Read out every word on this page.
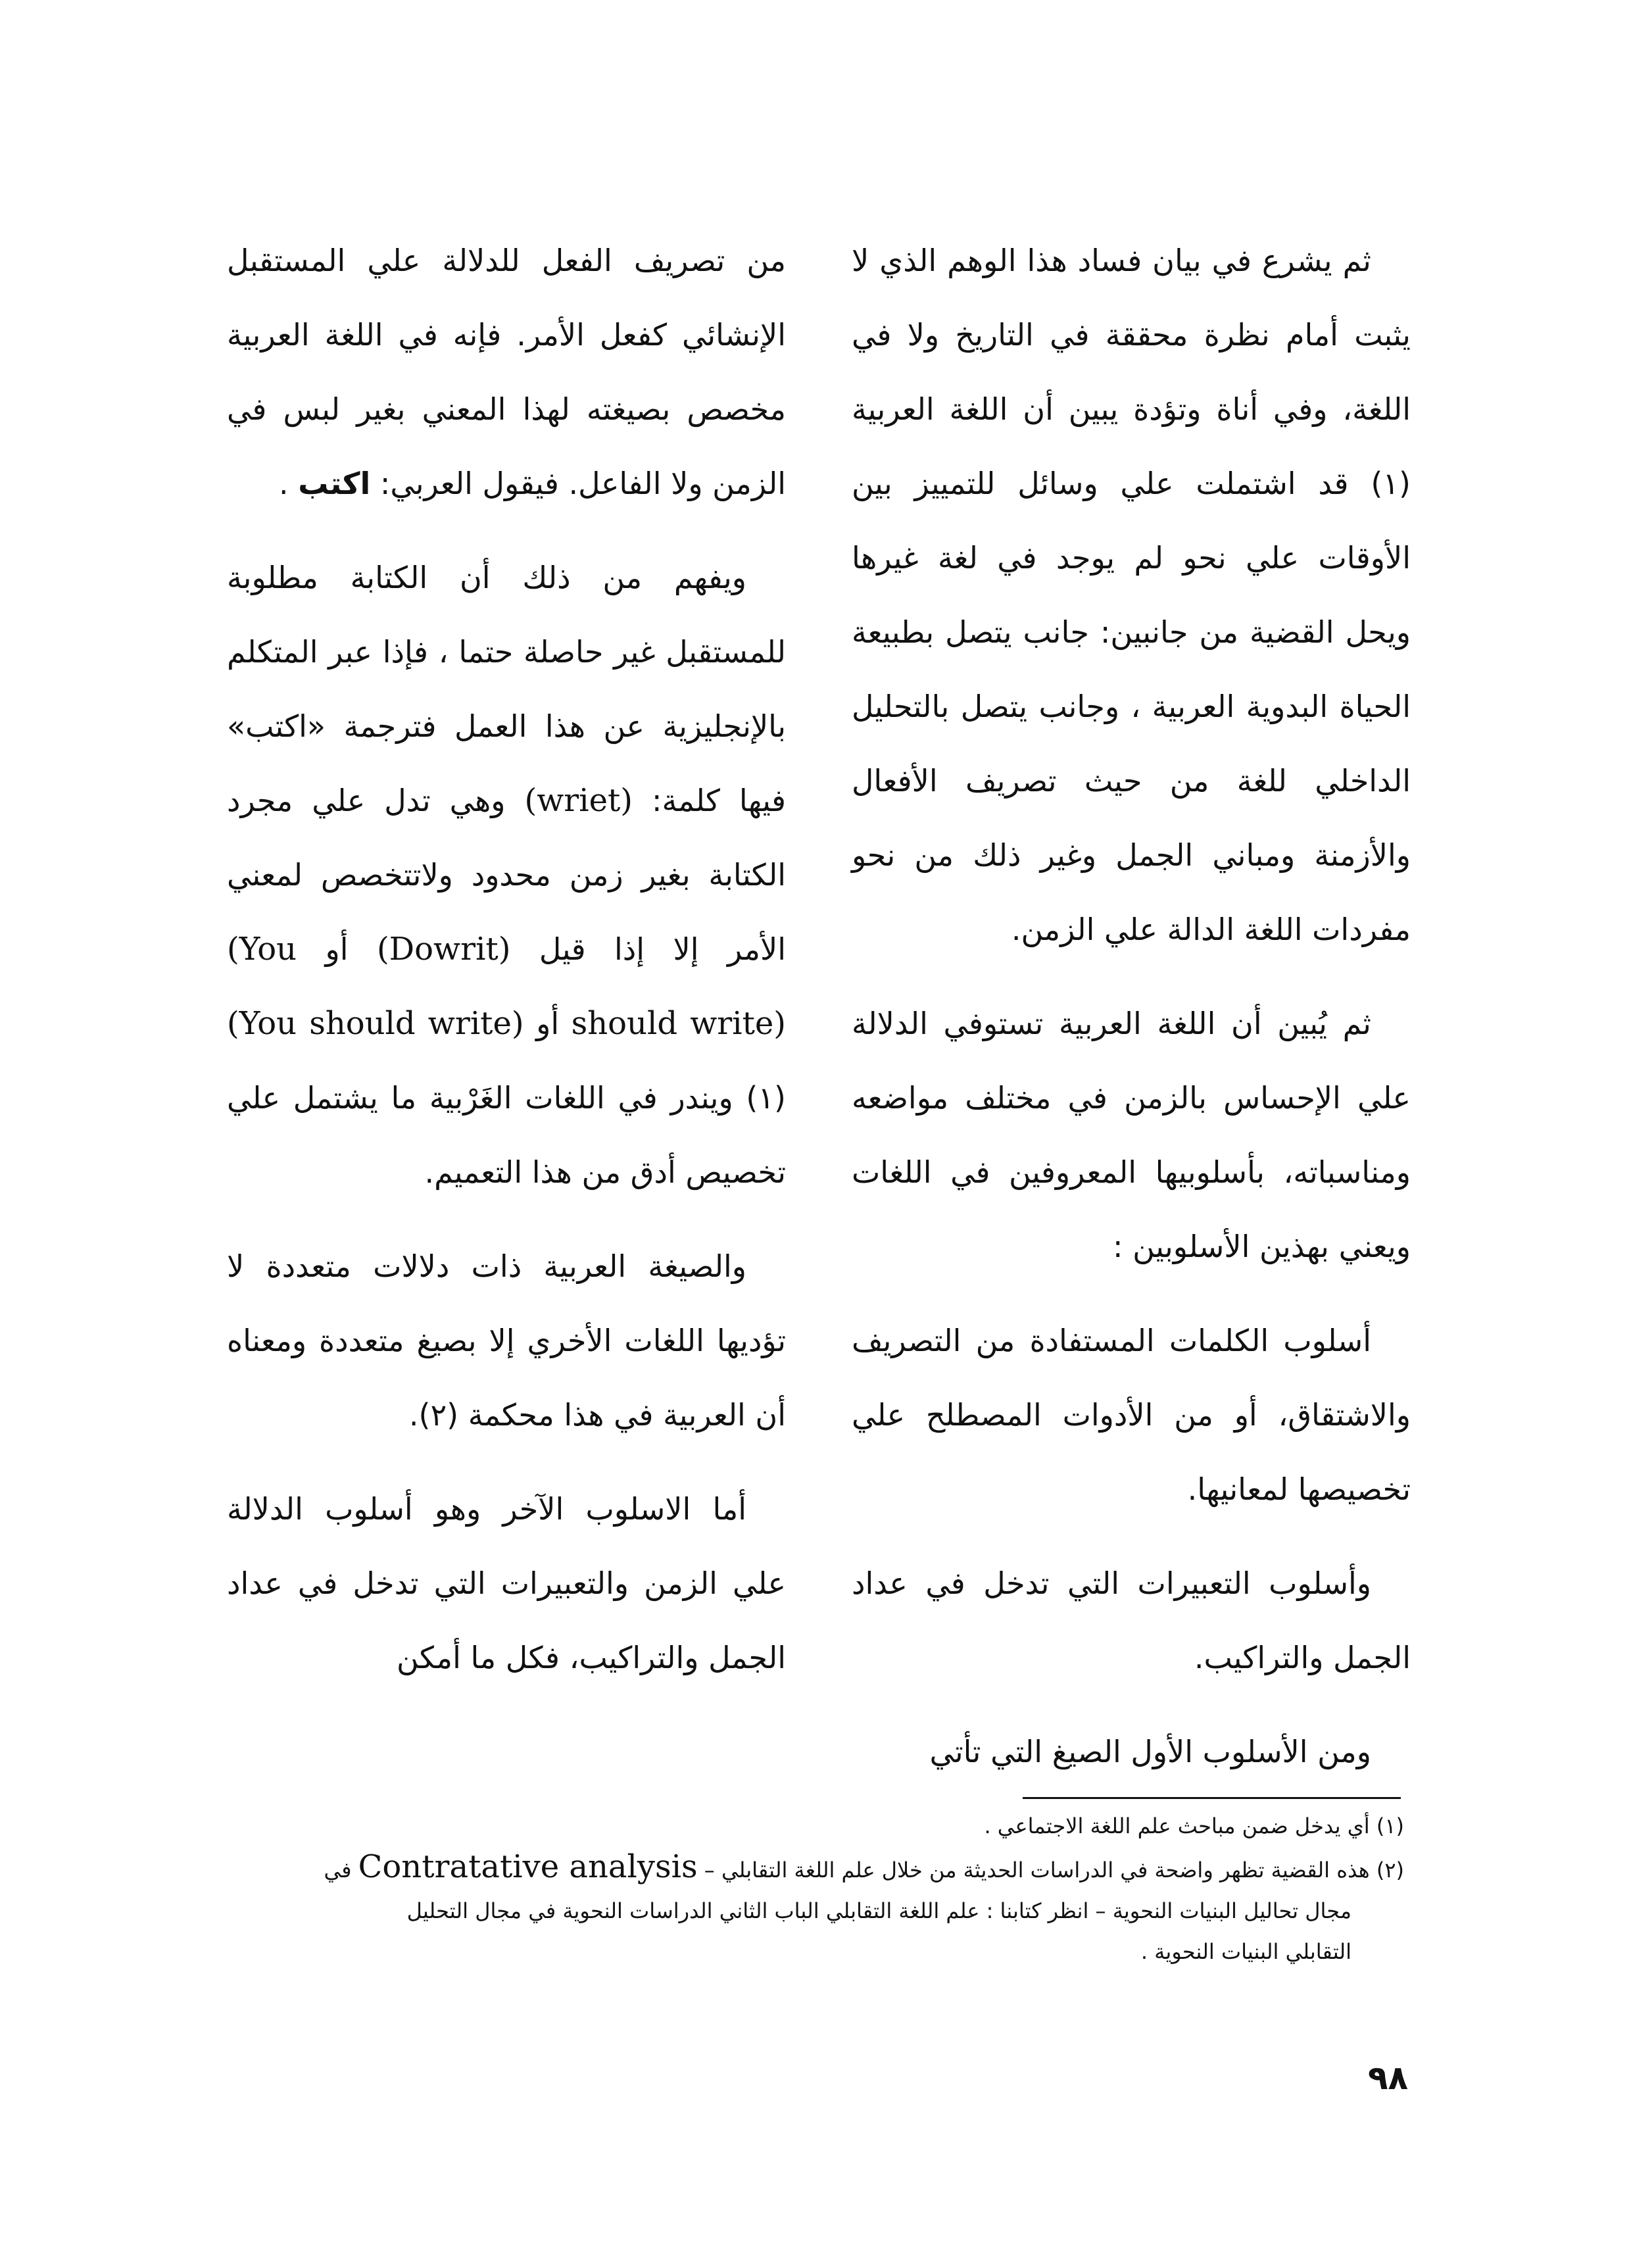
ثم يشرع في بيان فساد هذا الوهم الذي لا يثبت أمام نظرة محققة في التاريخ ولا في اللغة، وفي أناة وتؤدة يبين أن اللغة العربية (١) قد اشتملت علي وسائل للتمييز بين الأوقات علي نحو لم يوجد في لغة غيرها ويحل القضية من جانبين: جانب يتصل بطبيعة الحياة البدوية العربية ، وجانب يتصل بالتحليل الداخلي للغة من حيث تصريف الأفعال والأزمنة ومباني الجمل وغير ذلك من نحو مفردات اللغة الدالة علي الزمن.

ثم يُبين أن اللغة العربية تستوفي الدلالة علي الإحساس بالزمن في مختلف مواضعه ومناسباته، بأسلوبيها المعروفين في اللغات ويعني بهذين الأسلوبين :

أسلوب الكلمات المستفادة من التصريف والاشتقاق، أو من الأدوات المصطلح علي تخصيصها لمعانيها.

وأسلوب التعبيرات التي تدخل في عداد الجمل والتراكيب.

ومن الأسلوب الأول الصيغ التي تأتي

من تصريف الفعل للدلالة علي المستقبل الإنشائي كفعل الأمر. فإنه في اللغة العربية مخصص بصيغته لهذا المعني بغير لبس في الزمن ولا الفاعل. فيقول العربي: اكتب .

ويفهم من ذلك أن الكتابة مطلوبة للمستقبل غير حاصلة حتما ، فإذا عبر المتكلم بالإنجليزية عن هذا العمل فترجمة «اكتب» فيها كلمة: (wriet) وهي تدل علي مجرد الكتابة بغير زمن محدود ولاتتخصص لمعني الأمر إلا إذا قيل (Dowrit) أو (You should write) أو (You should write)(١) ويندر في اللغات الغَرْبية ما يشتمل علي تخصيص أدق من هذا التعميم.

والصيغة العربية ذات دلالات متعددة لا تؤديها اللغات الأخري إلا بصيغ متعددة ومعناه أن العربية في هذا محكمة (٢).

أما الاسلوب الآخر وهو أسلوب الدلالة علي الزمن والتعبيرات التي تدخل في عداد الجمل والتراكيب، فكل ما أمكن

(١) أي يدخل ضمن مباحث علم اللغة الاجتماعي .

(٢) هذه القضية تظهر واضحة في الدراسات الحديثة من خلال علم اللغة التقابلي – Contratative analysis في

مجال تحاليل البنيات النحوية – انظر كتابنا : علم اللغة التقابلي الباب الثاني الدراسات النحوية في مجال التحليل

التقابلي البنيات النحوية .

٩٨
